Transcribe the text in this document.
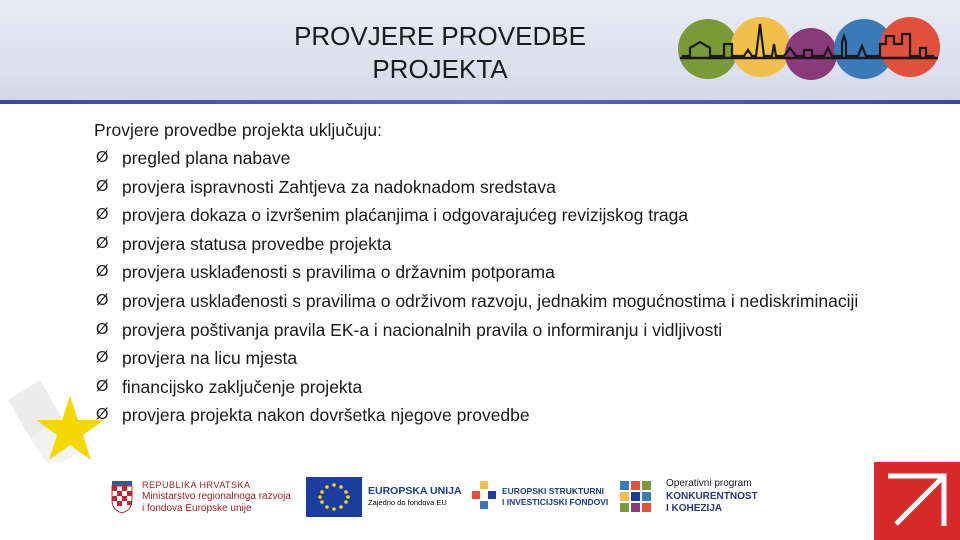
PROVJERE PROVEDBE
PROJEKTA
Provjere provedbe projekta uključuju:
Ø pregled plana nabave
Ø provjera ispravnosti Zahtjeva za nadoknadom sredstava
Ø provjera dokaza o izvršenim plaćanjima i odgovarajućeg revizijskog traga
Ø provjera statusa provedbe projekta
Ø provjera usklađenosti s pravilima o državnim potporama
Ø provjera usklađenosti s pravilima o održivom razvoju, jednakim mogućnostima i nediskriminaciji
Ø provjera poštivanja pravila EK-a i nacionalnih pravila o informiranju i vidljivosti
Ø provjera na licu mjesta
Ø financijsko zaključenje projekta
Ø provjera projekta nakon dovršetka njegove provedbe
REPUBLIKA HRVATSKA
Ministarstvo regionalnoga razvoja
i fondova Europske unije
EUROPSKA UNIJA
Zajedno do fondova EU
EUROPSKI STRUKTURNI
I INVESTICIJSKI FONDOVI
Operativni program
KONKURENTNOST
I KOHEZIJA
